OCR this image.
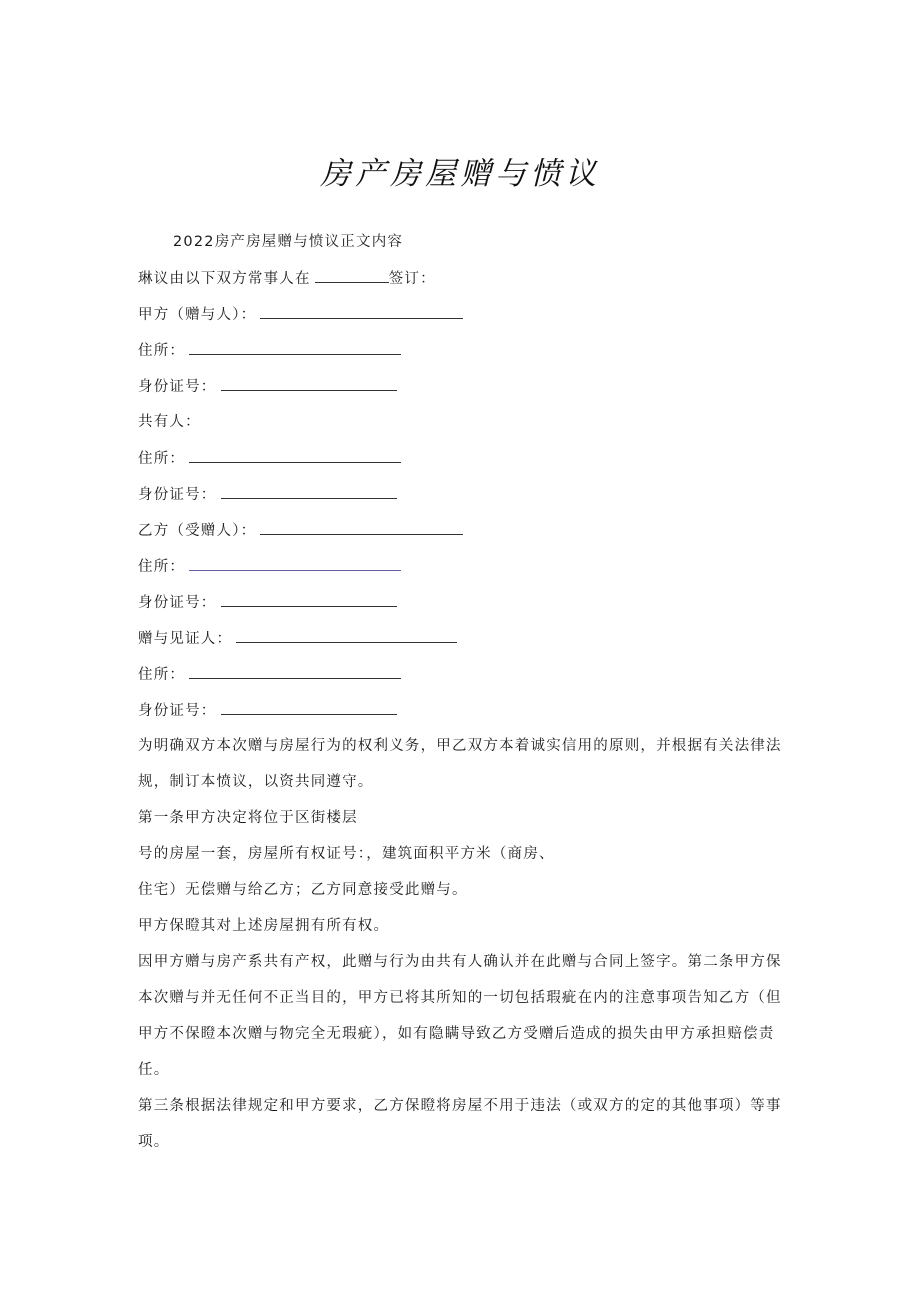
房产房屋赠与愤议
2022房产房屋赠与愤议正文内容
琳议由以下双方常事人在	签订：
甲方（赠与人）：
住所：
身份证号：
共有人：
住所：
身份证号：
乙方（受赠人）：
住所：
身份证号：
赠与见证人：
住所：
身份证号：
为明确双方本次赠与房屋行为的权利义务，甲乙双方本着诚实信用的原则，并根据有关法律法规，制订本愤议，以资共同遵守。
第一条甲方决定将位于区街楼层
号的房屋一套，房屋所有权证号：，建筑面积平方米（商房、
住宅）无偿赠与给乙方；乙方同意接受此赠与。
甲方保瞪其对上述房屋拥有所有权。
因甲方赠与房产系共有产权，此赠与行为由共有人确认并在此赠与合同上签字。第二条甲方保本次赠与并无任何不正当目的，甲方已将其所知的一切包括瑕疵在内的注意事项告知乙方（但甲方不保瞪本次赠与物完全无瑕疵），如有隐瞒导致乙方受赠后造成的损失由甲方承担赔偿责任。
第三条根据法律规定和甲方要求，乙方保瞪将房屋不用于违法（或双方的定的其他事项）等事项。
